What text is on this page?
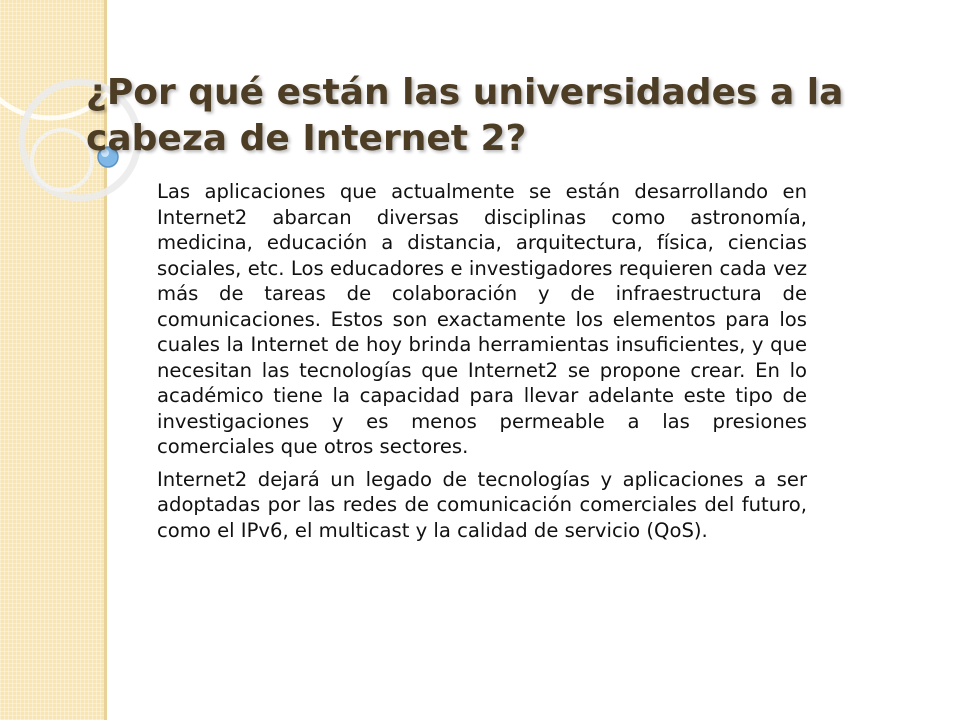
¿Por qué están las universidades a la cabeza de Internet 2?

Las aplicaciones que actualmente se están desarrollando en Internet2 abarcan diversas disciplinas como astronomía, medicina, educación a distancia, arquitectura, física, ciencias sociales, etc. Los educadores e investigadores requieren cada vez más de tareas de colaboración y de infraestructura de comunicaciones. Estos son exactamente los elementos para los cuales la Internet de hoy brinda herramientas insuficientes, y que necesitan las tecnologías que Internet2 se propone crear. En lo académico tiene la capacidad para llevar adelante este tipo de investigaciones y es menos permeable a las presiones comerciales que otros sectores.

Internet2 dejará un legado de tecnologías y aplicaciones a ser adoptadas por las redes de comunicación comerciales del futuro, como el IPv6, el multicast y la calidad de servicio (QoS).
